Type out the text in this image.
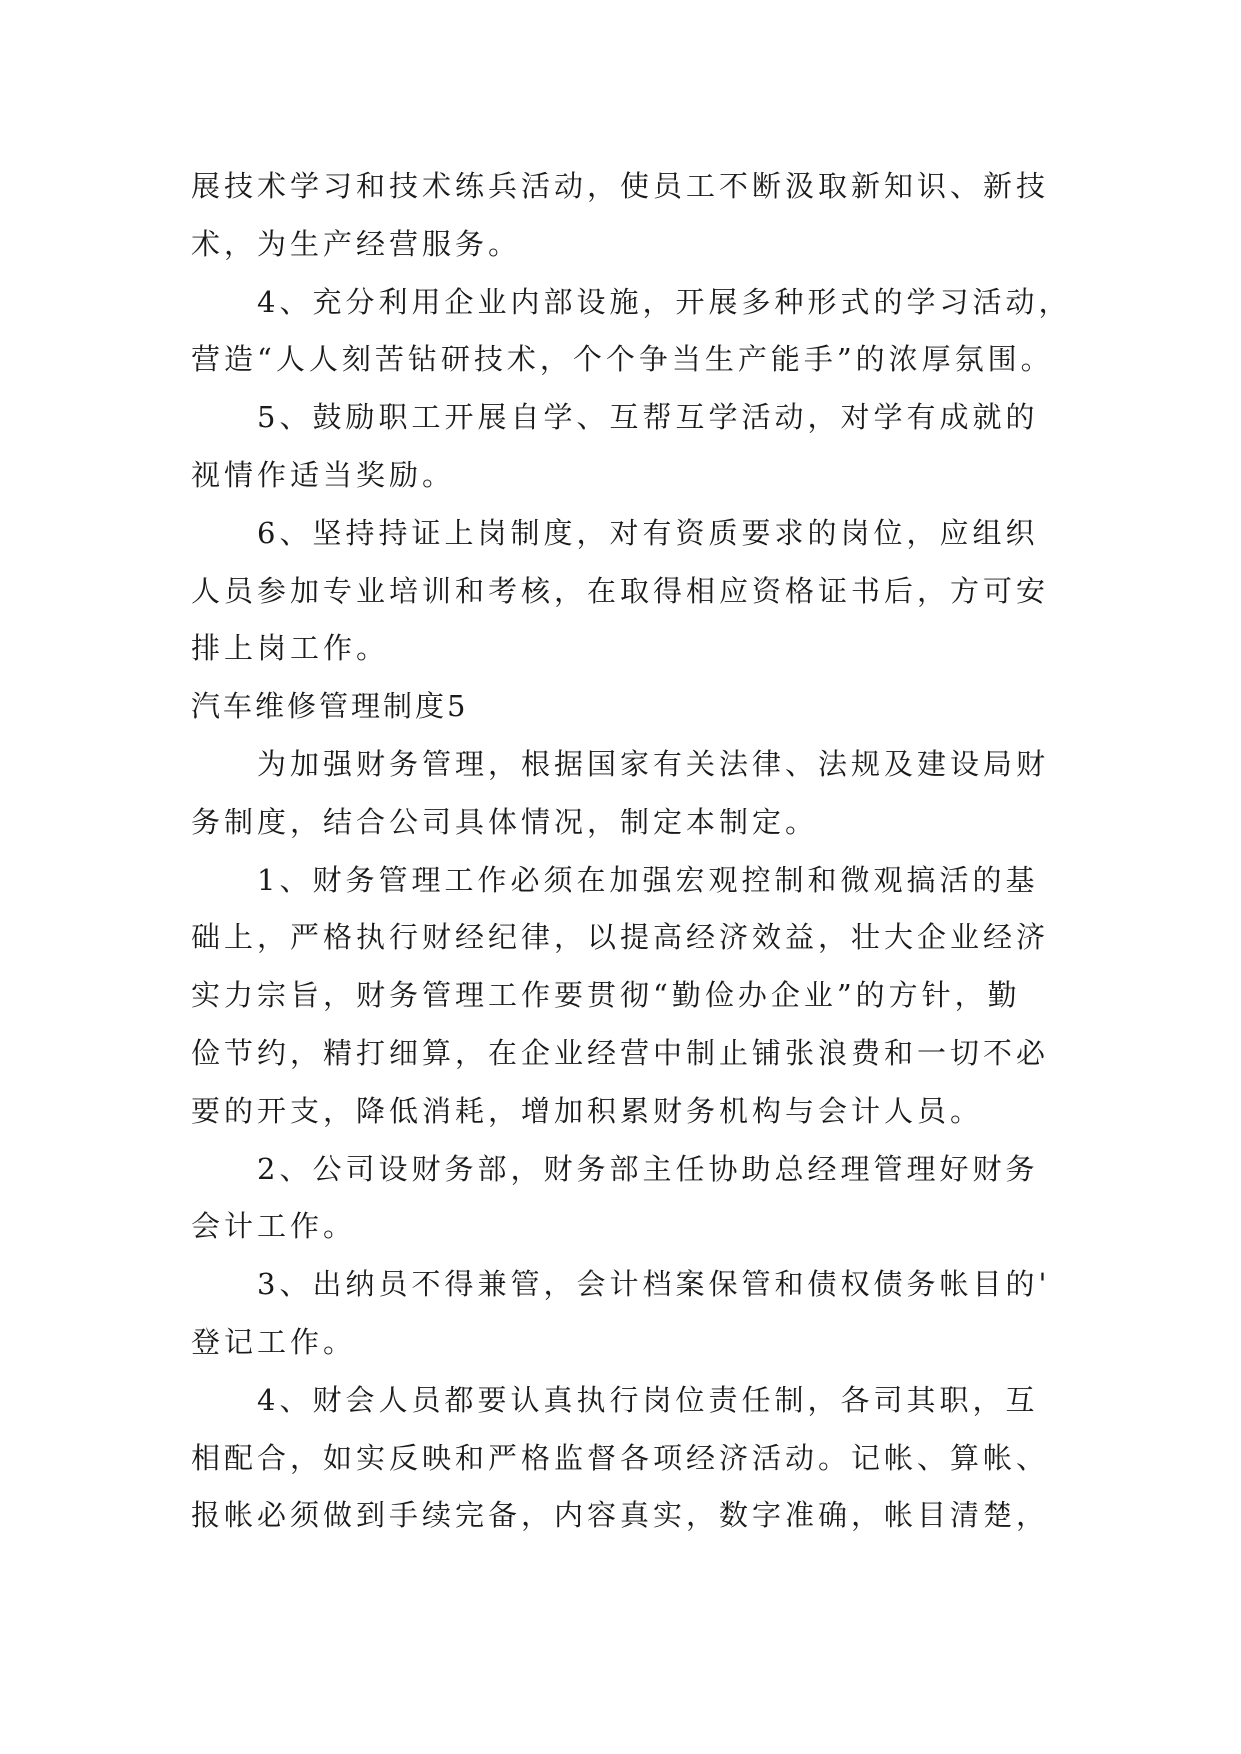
展技术学习和技术练兵活动，使员工不断汲取新知识、新技
术，为生产经营服务。
4、充分利用企业内部设施，开展多种形式的学习活动，
营造“人人刻苦钻研技术，个个争当生产能手”的浓厚氛围。
5、鼓励职工开展自学、互帮互学活动，对学有成就的
视情作适当奖励。
6、坚持持证上岗制度，对有资质要求的岗位，应组织
人员参加专业培训和考核，在取得相应资格证书后，方可安
排上岗工作。
汽车维修管理制度5
为加强财务管理，根据国家有关法律、法规及建设局财
务制度，结合公司具体情况，制定本制定。
1、财务管理工作必须在加强宏观控制和微观搞活的基
础上，严格执行财经纪律，以提高经济效益，壮大企业经济
实力宗旨，财务管理工作要贯彻“勤俭办企业”的方针，勤
俭节约，精打细算，在企业经营中制止铺张浪费和一切不必
要的开支，降低消耗，增加积累财务机构与会计人员。
2、公司设财务部，财务部主任协助总经理管理好财务
会计工作。
3、出纳员不得兼管，会计档案保管和债权债务帐目的'
登记工作。
4、财会人员都要认真执行岗位责任制，各司其职，互
相配合，如实反映和严格监督各项经济活动。记帐、算帐、
报帐必须做到手续完备，内容真实，数字准确，帐目清楚，
